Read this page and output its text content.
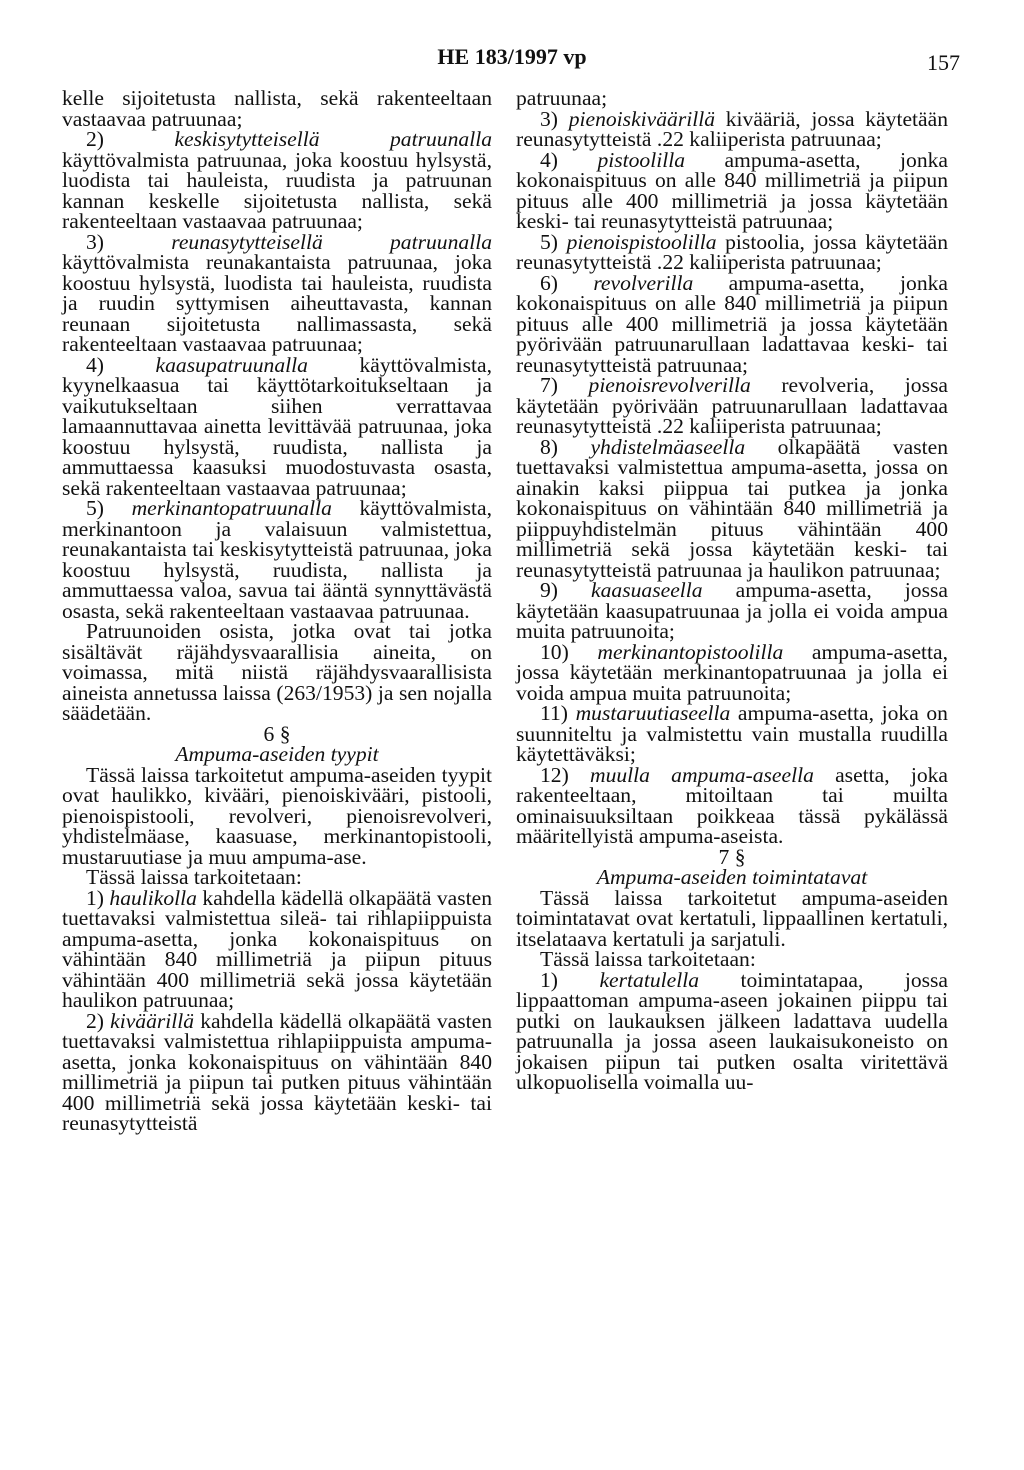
HE 183/1997 vp	157

kelle sijoitetusta nallista, sekä rakenteeltaan vastaavaa patruunaa;

2) keskisytytteisellä patruunalla käyttövalmista patruunaa, joka koostuu hylsystä, luodista tai hauleista, ruudista ja patruunan kannan keskelle sijoitetusta nallista, sekä rakenteeltaan vastaavaa patruunaa;

3) reunasytytteisellä patruunalla käyttövalmista reunakantaista patruunaa, joka koostuu hylsystä, luodista tai hauleista, ruudista ja ruudin syttymisen aiheuttavasta, kannan reunaan sijoitetusta nallimassasta, sekä rakenteeltaan vastaavaa patruunaa;

4) kaasupatruunalla käyttövalmista, kyynelkaasua tai käyttötarkoitukseltaan ja vaikutukseltaan siihen verrattavaa lamaannuttavaa ainetta levittävää patruunaa, joka koostuu hylsystä, ruudista, nallista ja ammuttaessa kaasuksi muodostuvasta osasta, sekä rakenteeltaan vastaavaa patruunaa;

5) merkinantopatruunalla käyttövalmista, merkinantoon ja valaisuun valmistettua, reunakantaista tai keskisytytteistä patruunaa, joka koostuu hylsystä, ruudista, nallista ja ammuttaessa valoa, savua tai ääntä synnyttävästä osasta, sekä rakenteeltaan vastaavaa patruunaa.

Patruunoiden osista, jotka ovat tai jotka sisältävät räjähdysvaarallisia aineita, on voimassa, mitä niistä räjähdysvaarallisista aineista annetussa laissa (263/1953) ja sen nojalla säädetään.

6 §

Ampuma-aseiden tyypit

Tässä laissa tarkoitetut ampuma-aseiden tyypit ovat haulikko, kivääri, pienoiskivääri, pistooli, pienoispistooli, revolveri, pienoisrevolveri, yhdistelmäase, kaasuase, merkinantopistooli, mustaruutiase ja muu ampuma-ase.

Tässä laissa tarkoitetaan:

1) haulikolla kahdella kädellä olkapäätä vasten tuettavaksi valmistettua sileä- tai rihlapiippuista ampuma-asetta, jonka kokonaispituus on vähintään 840 millimetriä ja piipun pituus vähintään 400 millimetriä sekä jossa käytetään haulikon patruunaa;

2) kiväärillä kahdella kädellä olkapäätä vasten tuettavaksi valmistettua rihlapiippuista ampuma-asetta, jonka kokonaispituus on vähintään 840 millimetriä ja piipun tai putken pituus vähintään 400 millimetriä sekä jossa käytetään keski- tai reunasytytteistä

patruunaa;

3) pienoiskiväärillä kivääriä, jossa käytetään reunasytytteistä .22 kaliiperista patruunaa;

4) pistoolilla ampuma-asetta, jonka kokonaispituus on alle 840 millimetriä ja piipun pituus alle 400 millimetriä ja jossa käytetään keski- tai reunasytytteistä patruunaa;

5) pienoispistoolilla pistoolia, jossa käytetään reunasytytteistä .22 kaliiperista patruunaa;

6) revolverilla ampuma-asetta, jonka kokonaispituus on alle 840 millimetriä ja piipun pituus alle 400 millimetriä ja jossa käytetään pyörivään patruunarullaan ladattavaa keski- tai reunasytytteistä patruunaa;

7) pienoisrevolverilla revolveria, jossa käytetään pyörivään patruunarullaan ladattavaa reunasytytteistä .22 kaliiperista patruunaa;

8) yhdistelmäaseella olkapäätä vasten tuettavaksi valmistettua ampuma-asetta, jossa on ainakin kaksi piippua tai putkea ja jonka kokonaispituus on vähintään 840 millimetriä ja piippuyhdistelmän pituus vähintään 400 millimetriä sekä jossa käytetään keski- tai reunasytytteistä patruunaa ja haulikon patruunaa;

9) kaasuaseella ampuma-asetta, jossa käytetään kaasupatruunaa ja jolla ei voida ampua muita patruunoita;

10) merkinantopistoolilla ampuma-asetta, jossa käytetään merkinantopatruunaa ja jolla ei voida ampua muita patruunoita;

11) mustaruutiaseella ampuma-asetta, joka on suunniteltu ja valmistettu vain mustalla ruudilla käytettäväksi;

12) muulla ampuma-aseella asetta, joka rakenteeltaan, mitoiltaan tai muilta ominaisuuksiltaan poikkeaa tässä pykälässä määritellyistä ampuma-aseista.

7 §

Ampuma-aseiden toimintatavat

Tässä laissa tarkoitetut ampuma-aseiden toimintatavat ovat kertatuli, lippaallinen kertatuli, itselataava kertatuli ja sarjatuli.

Tässä laissa tarkoitetaan:

1) kertatulella toimintatapaa, jossa lippaattoman ampuma-aseen jokainen piippu tai putki on laukauksen jälkeen ladattava uudella patruunalla ja jossa aseen laukaisukoneisto on jokaisen piipun tai putken osalta viritettävä ulkopuolisella voimalla uu-
